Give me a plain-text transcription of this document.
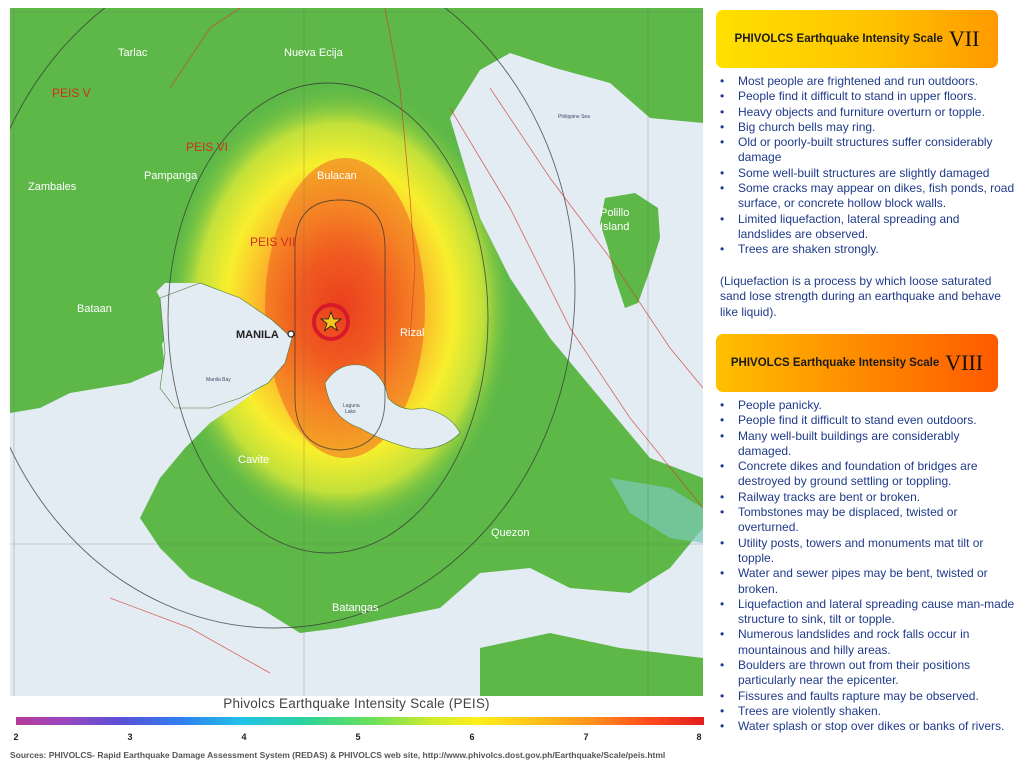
Tarlac	Nueva Ecija
Zambales
Pampanga	Bulacan
Bataan
MANILA	Rizal
Cavite
Quezon
Batangas
Polillo
Island
Philippine Sea
Manila Bay
Laguna
Lake
PEIS V
PEIS VI
PEIS VII
Phivolcs Earthquake Intensity Scale (PEIS)
2	3	4	5	6	7	8
Sources: PHIVOLCS- Rapid Earthquake Damage Assessment System (REDAS) & PHIVOLCS web site, http://www.phivolcs.dost.gov.ph/Earthquake/Scale/peis.html
PHIVOLCS Earthquake Intensity Scale VII
• Most people are frightened and run outdoors.
• People find it difficult to stand in upper floors.
• Heavy objects and furniture overturn or topple.
• Big church bells may ring.
• Old or poorly-built structures suffer considerably damage
• Some well-built structures are slightly damaged
• Some cracks may appear on dikes, fish ponds, road surface, or concrete hollow block walls.
• Limited liquefaction, lateral spreading and landslides are observed.
• Trees are shaken strongly.
(Liquefaction is a process by which loose saturated sand lose strength during an earthquake and behave like liquid).
PHIVOLCS Earthquake Intensity Scale VIII
• People panicky.
• People find it difficult to stand even outdoors.
• Many well-built buildings are considerably damaged.
• Concrete dikes and foundation of bridges are destroyed by ground settling or toppling.
• Railway tracks are bent or broken.
• Tombstones may be displaced, twisted or overturned.
• Utility posts, towers and monuments mat tilt or topple.
• Water and sewer pipes may be bent, twisted or broken.
• Liquefaction and lateral spreading cause man-made structure to sink, tilt or topple.
• Numerous landslides and rock falls occur in mountainous and hilly areas.
• Boulders are thrown out from their positions particularly near the epicenter.
• Fissures and faults rapture may be observed.
• Trees are violently shaken.
• Water splash or stop over dikes or banks of rivers.
